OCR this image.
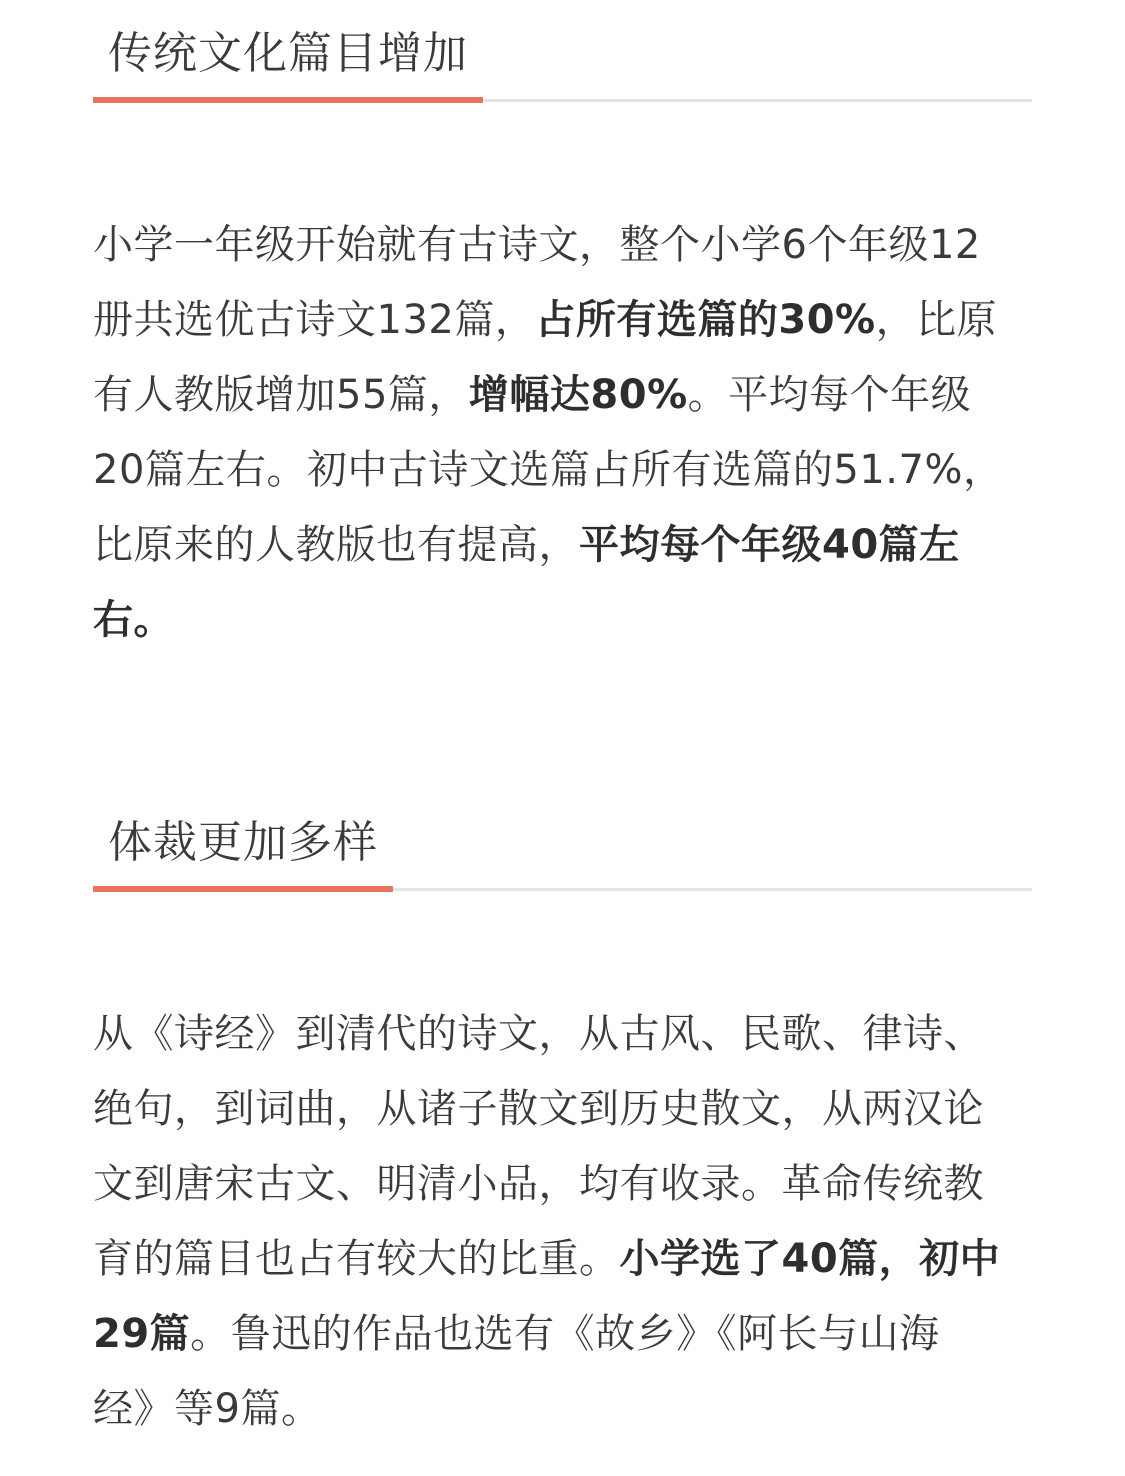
传统文化篇目增加
小学一年级开始就有古诗文，整个小学6个年级12
册共选优古诗文132篇，占所有选篇的30%，比原
有人教版增加55篇，增幅达80%。平均每个年级
20篇左右。初中古诗文选篇占所有选篇的51.7%，
比原来的人教版也有提高，平均每个年级40篇左
右。
体裁更加多样
从《诗经》到清代的诗文，从古风、民歌、律诗、
绝句，到词曲，从诸子散文到历史散文，从两汉论
文到唐宋古文、明清小品，均有收录。革命传统教
育的篇目也占有较大的比重。小学选了40篇，初中
29篇。鲁迅的作品也选有《故乡》《阿长与山海
经》等9篇。
